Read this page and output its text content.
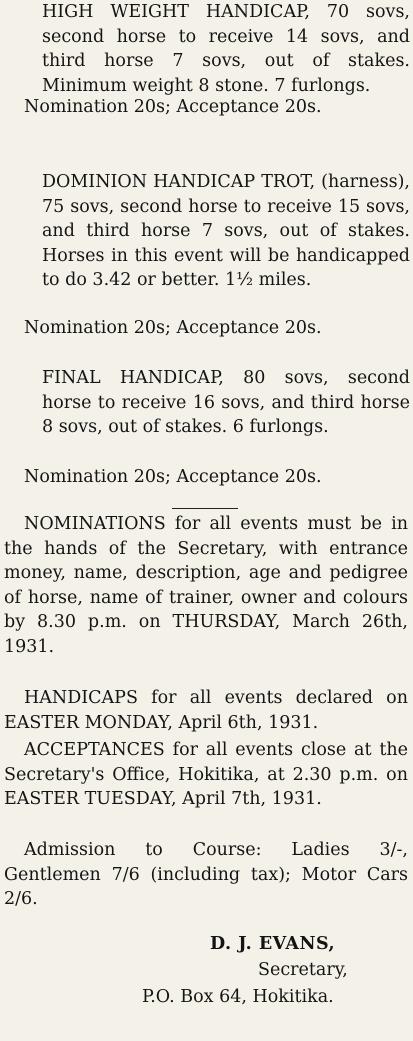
HIGH WEIGHT HANDICAP, 70 sovs, second horse to receive 14 sovs, and third horse 7 sovs, out of stakes. Minimum weight 8 stone. 7 furlongs.

Nomination 20s; Acceptance 20s.

DOMINION HANDICAP TROT, (harness), 75 sovs, second horse to receive 15 sovs, and third horse 7 sovs, out of stakes. Horses in this event will be handicapped to do 3.42 or better. 1½ miles.

Nomination 20s; Acceptance 20s.

FINAL HANDICAP, 80 sovs, second horse to receive 16 sovs, and third horse 8 sovs, out of stakes. 6 furlongs.

Nomination 20s; Acceptance 20s.

NOMINATIONS for all events must be in the hands of the Secretary, with entrance money, name, description, age and pedigree of horse, name of trainer, owner and colours by 8.30 p.m. on THURSDAY, March 26th, 1931.

HANDICAPS for all events declared on EASTER MONDAY, April 6th, 1931.

ACCEPTANCES for all events close at the Secretary's Office, Hokitika, at 2.30 p.m. on EASTER TUESDAY, April 7th, 1931.

Admission to Course: Ladies 3/-, Gentlemen 7/6 (including tax); Motor Cars 2/6.

D. J. EVANS,
Secretary,
P.O. Box 64, Hokitika.
